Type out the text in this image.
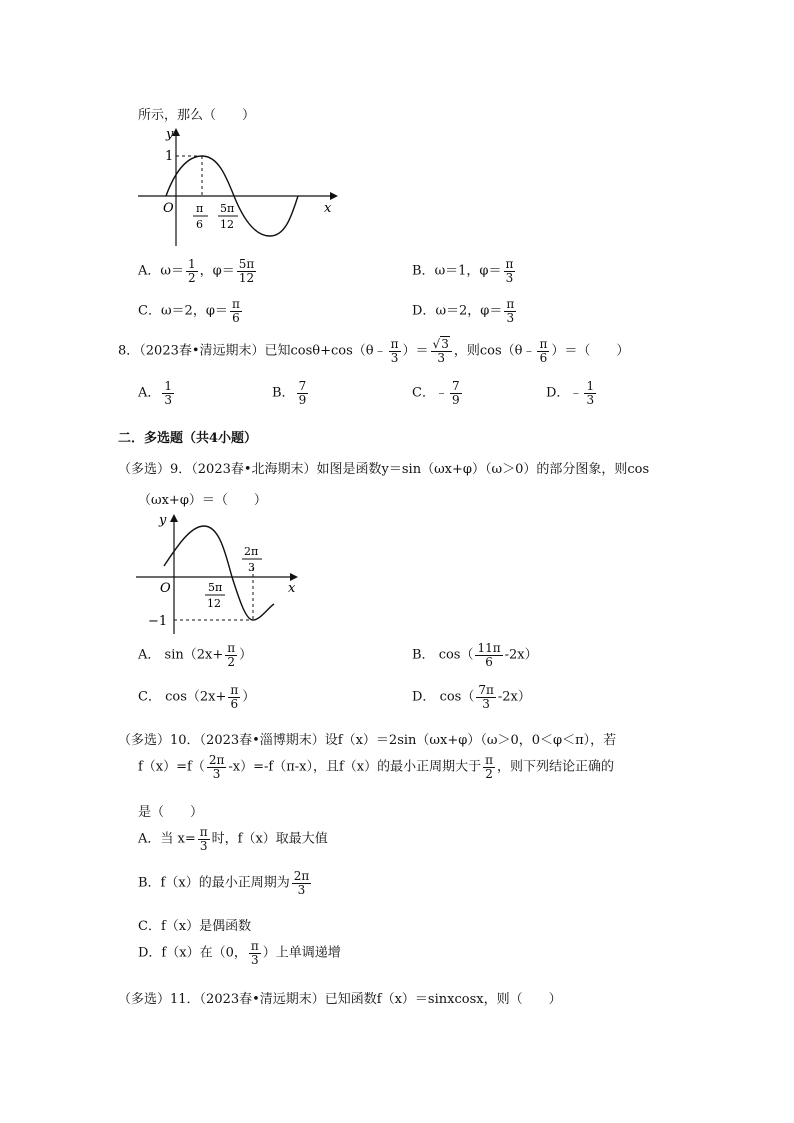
所示，那么（　　）
y
1
O	x
π
6
5π
12
A．$\omega= \frac{1}{2}$ ，$\varphi= \frac{5\pi}{12}$	B．ω＝1，$\varphi= \frac{\pi}{3}$
C．ω＝2，$\varphi= \frac{\pi}{6}$	D．ω＝2，$\varphi= \frac{\pi}{3}$
8．（2023春•清远期末）已知cosθ+cos（θ﹣ $\frac{\pi}{3}$ ）＝ $\frac{√3}{3}$ ，则cos（θ﹣ $\frac{\pi}{6}$ ）＝（　　）
A． $\frac{1}{3}$	B． $\frac{7}{9}$	C．﹣ $\frac{7}{9}$	D．﹣ $\frac{1}{3}$
二．多选题（共4小题）
（多选）9．（2023春•北海期末）如图是函数y＝sin（ωx+φ）（ω＞0）的部分图象，则cos
（ωx+φ）＝（　　）
y
O	x
−1
5π
12
2π
3
A． $\sin(2x+ \frac{\pi}{2}$ ）	B． $\cos( \frac{11\pi}{6} -2x)$
C． $\cos(2x+ \frac{\pi}{6}$ ）	D． $\cos( \frac{7\pi}{3} -2x)$
（多选）10．（2023春•淄博期末）设f（x）＝2sin（ωx+φ）（ω＞0，0＜φ＜π），若
$f(x)=f( \frac{2\pi}{3} -x)=-f(\pi-x)$，且f（x）的最小正周期大于 $\frac{\pi}{2}$ ，则下列结论正确的
是（　　）
A．当 $x= \frac{\pi}{3}$ 时，f（x）取最大值
B．f（x）的最小正周期为 $\frac{2\pi}{3}$
C．f（x）是偶函数
D．f（x）在（0， $\frac{\pi}{3}$ ）上单调递增
（多选）11．（2023春•清远期末）已知函数f（x）＝sinxcosx，则（　　）
